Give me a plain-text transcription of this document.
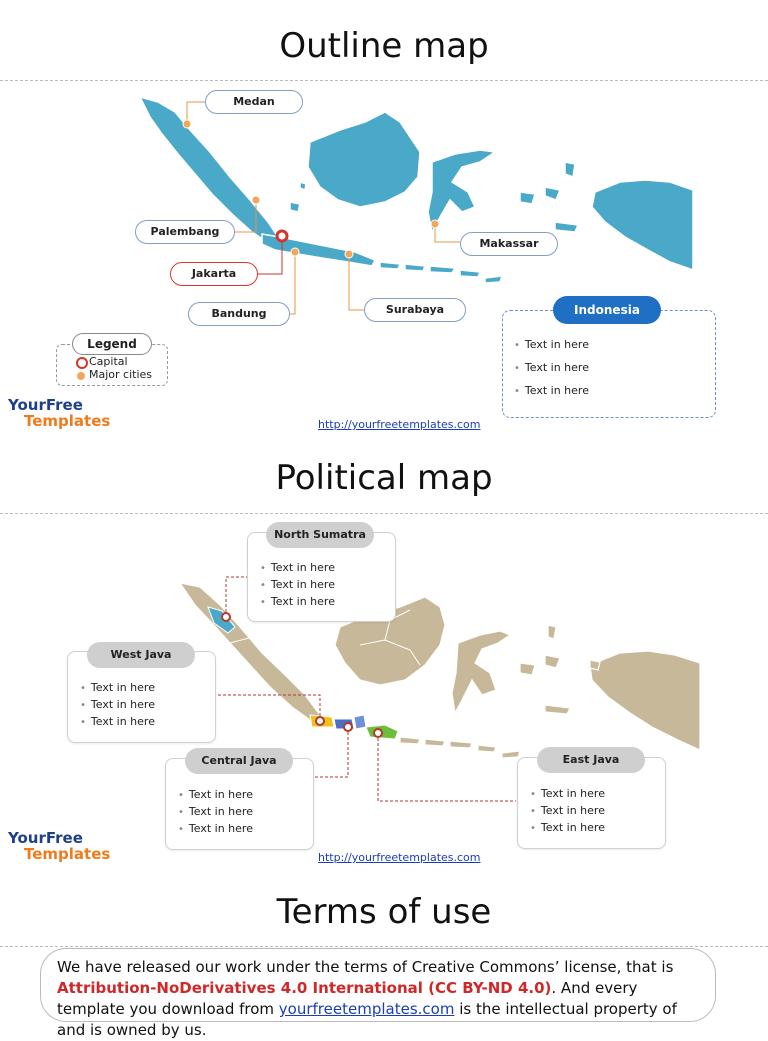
Outline map
Medan
Palembang
Jakarta
Bandung	Surabaya
Makassar
Legend
Capital
Major cities
Indonesia
• Text in here
• Text in here
• Text in here
YourFree
Templates	http://yourfreetemplates.com
Political map
North Sumatra
• Text in here
• Text in here
• Text in here
West Java
• Text in here
• Text in here
• Text in here
Central Java
• Text in here
• Text in here
• Text in here
East Java
• Text in here
• Text in here
• Text in here
YourFree
Templates	http://yourfreetemplates.com
Terms of use
We have released our work under the terms of Creative Commons’ license, that is Attribution-NoDerivatives 4.0 International (CC BY-ND 4.0). And every template you download from yourfreetemplates.com is the intellectual property of and is owned by us.
